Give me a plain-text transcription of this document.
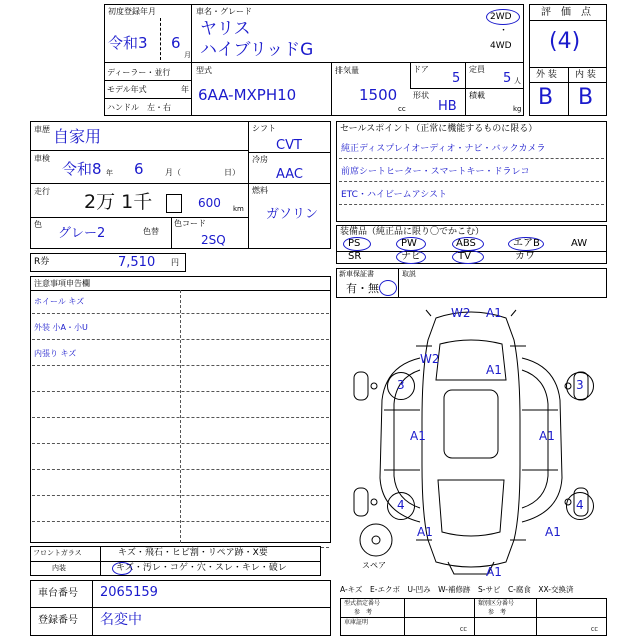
初度登録年月
令和3 6
月
車名・グレード
ヤリス
ハイブリッドG
2WD
・
4WD
ディーラー・並行
モデル年式	年
ハンドル　左・右
型式
6AA-MXPH10
排気量
1500
cc
ドア
5
定員
5 人
形状
HB
積載
kg
評　価　点
(4)
外 装 内 装
B B
車歴 自家用
車検
令和8 年 6	月（	日）
走行 2万 1千	600 km
色
グレー2	色替
色コード
2SQ
シフト
CVT
冷房
AAC
燃料
ガソリン
R券	7,510 円
セールスポイント（正常に機能するものに限る）
純正ディスプレイオーディオ・ナビ・バックカメラ
前席シートヒーター・スマートキー・ドラレコ
ETC・ハイビームアシスト
装備品（純正品に限り〇でかこむ）
PS	PW	ABS	エアB	AW
SR	ナビ	TV	カワ
新車保証書
有・無
取説
注意事項申告欄
ホイール キズ
外装 小A・小U
内張り キズ
W2 A1
W2
A1
3	3
A1	A1
4	4
A1	A1
A1
スペア
フロントガラス	キズ・飛石・ヒビ割・リペア跡・X要
内装	キズ・汚レ・コゲ・穴・スレ・キレ・破レ
A-キズ　E-エクボ　U-凹み　W-補修跡　S-サビ　C-腐食　XX-交換済
車台番号 2065159
登録番号 名変中
型式指定番号
参　考
類別区分番号
参　考
車庫証明
CC	CC
